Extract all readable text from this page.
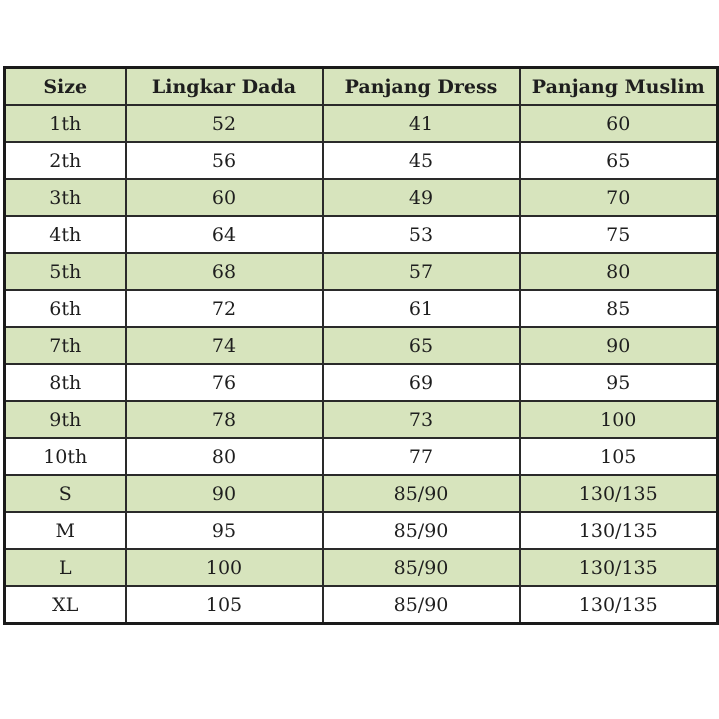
Size	Lingkar Dada	Panjang Dress	Panjang Muslim
1th	52	41	60
2th	56	45	65
3th	60	49	70
4th	64	53	75
5th	68	57	80
6th	72	61	85
7th	74	65	90
8th	76	69	95
9th	78	73	100
10th	80	77	105
S	90	85/90	130/135
M	95	85/90	130/135
L	100	85/90	130/135
XL	105	85/90	130/135
